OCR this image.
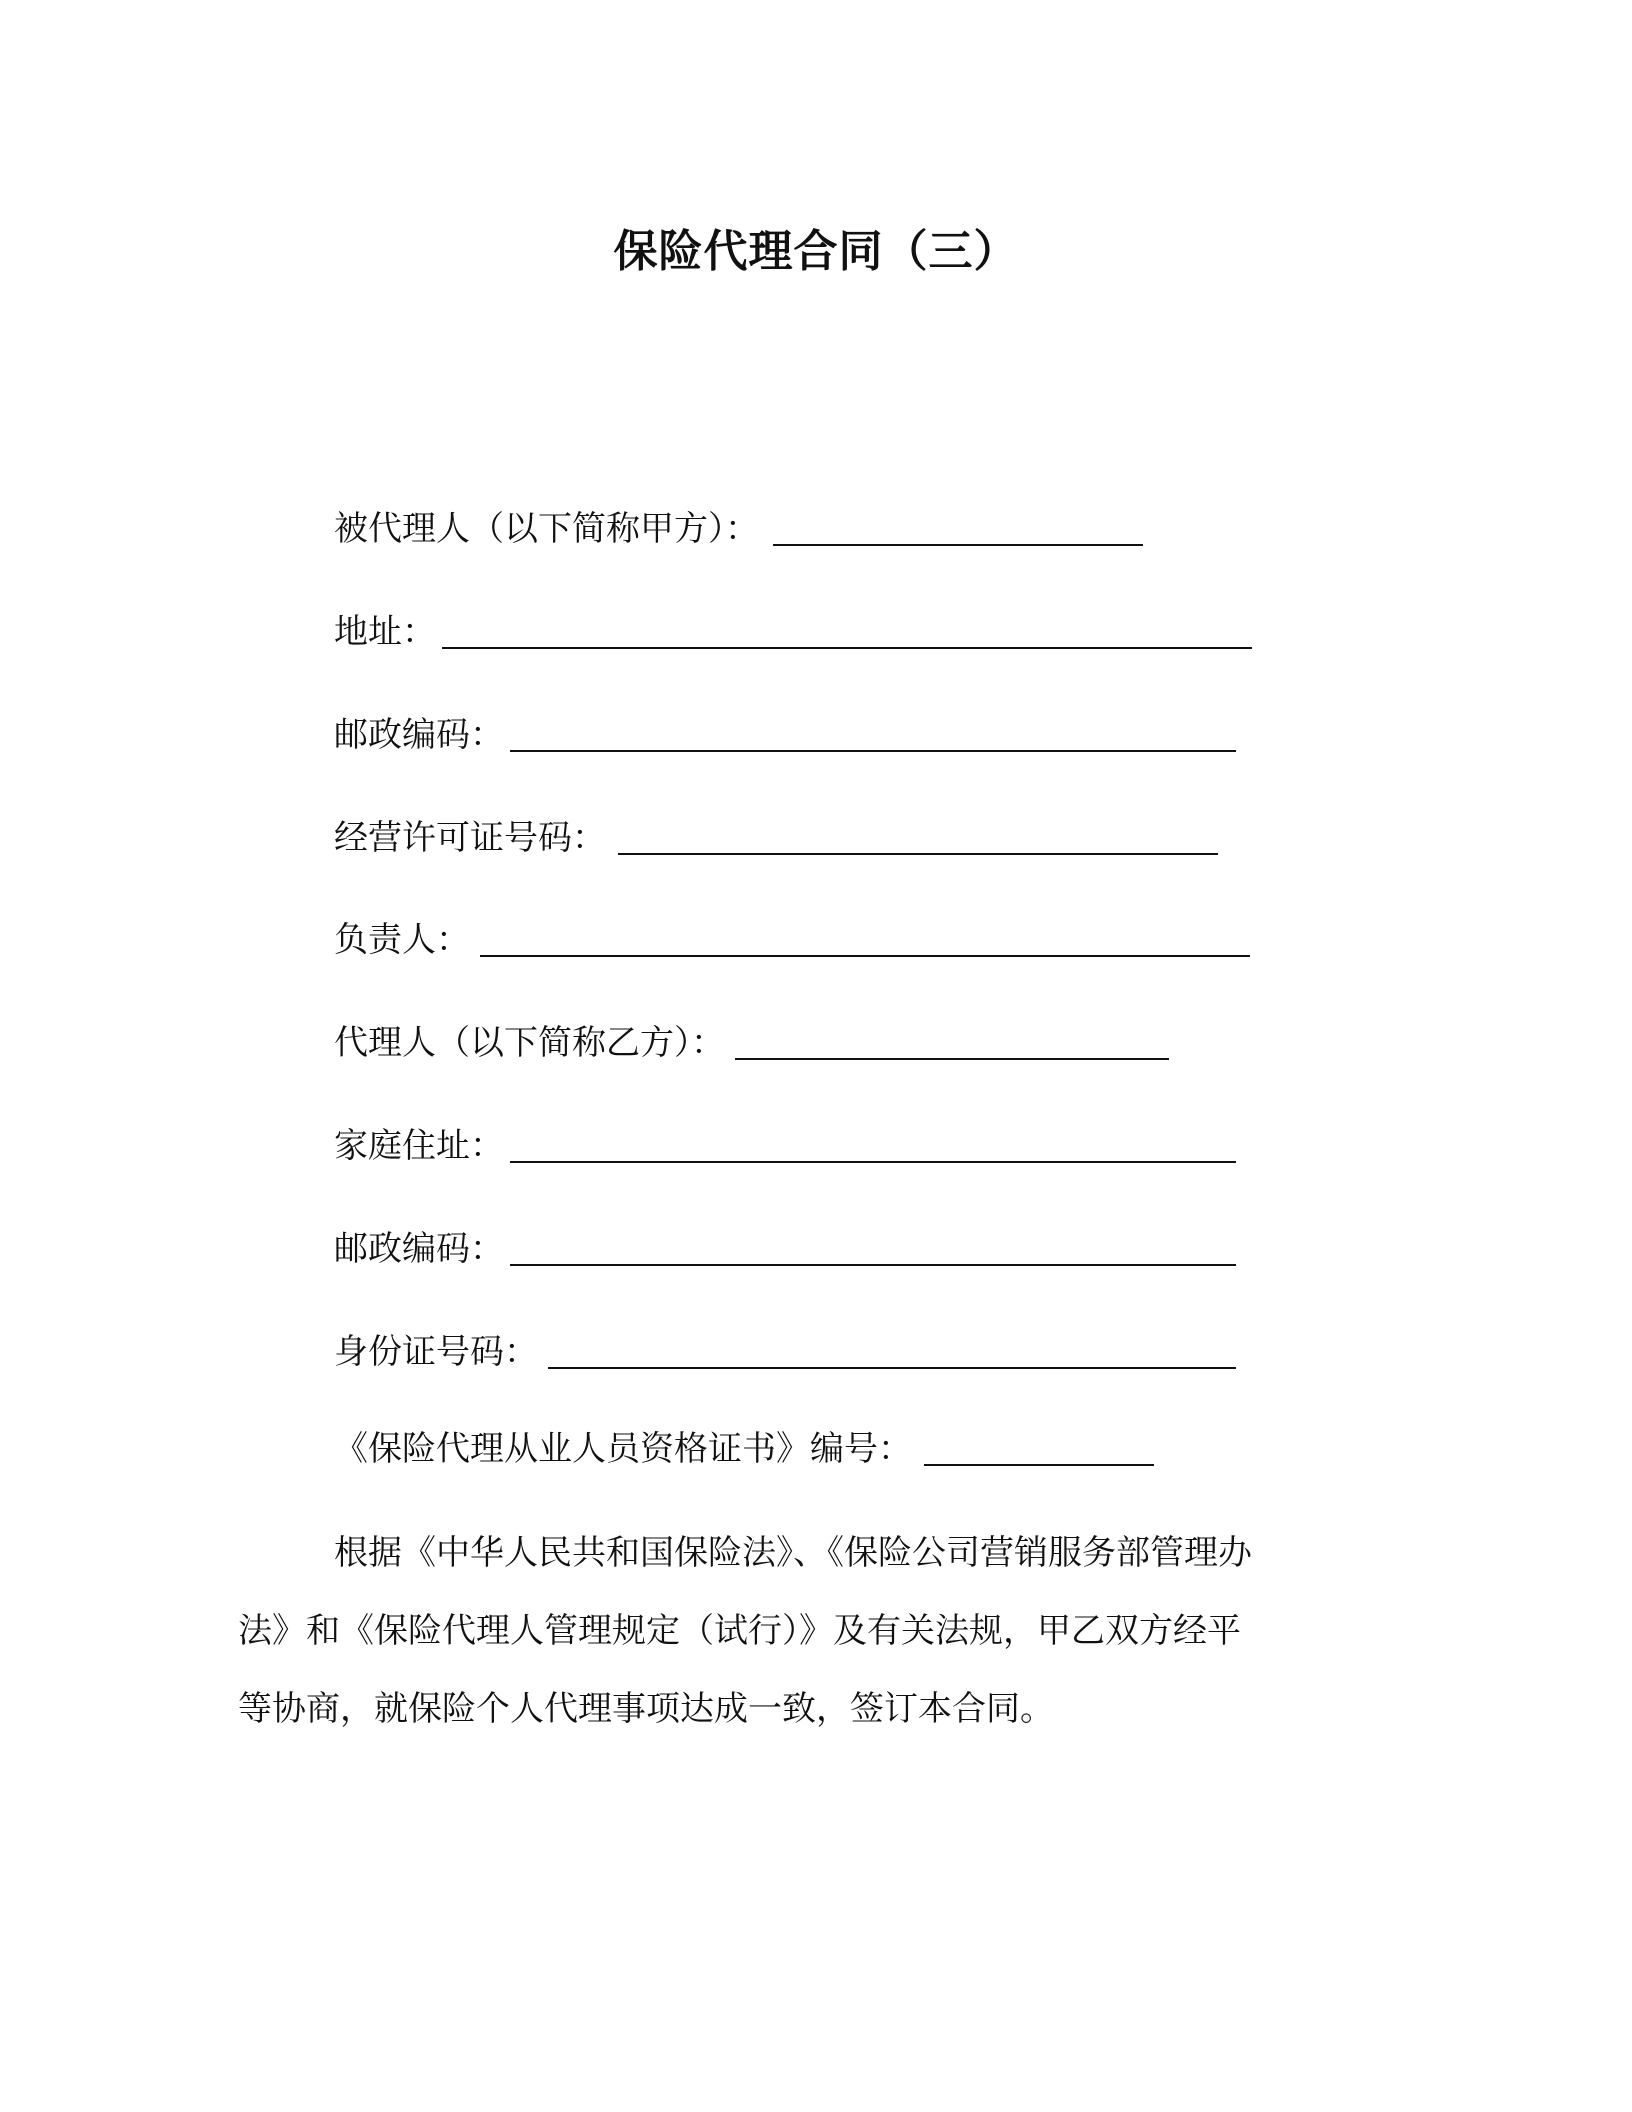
保险代理合同（三）
被代理人（以下简称甲方）：
地址：
邮政编码：
经营许可证号码：
负责人：
代理人（以下简称乙方）：
家庭住址：
邮政编码：
身份证号码：
《保险代理从业人员资格证书》编号：
根据《中华人民共和国保险法》、《保险公司营销服务部管理办
法》和《保险代理人管理规定（试行）》及有关法规，甲乙双方经平
等协商，就保险个人代理事项达成一致，签订本合同。
